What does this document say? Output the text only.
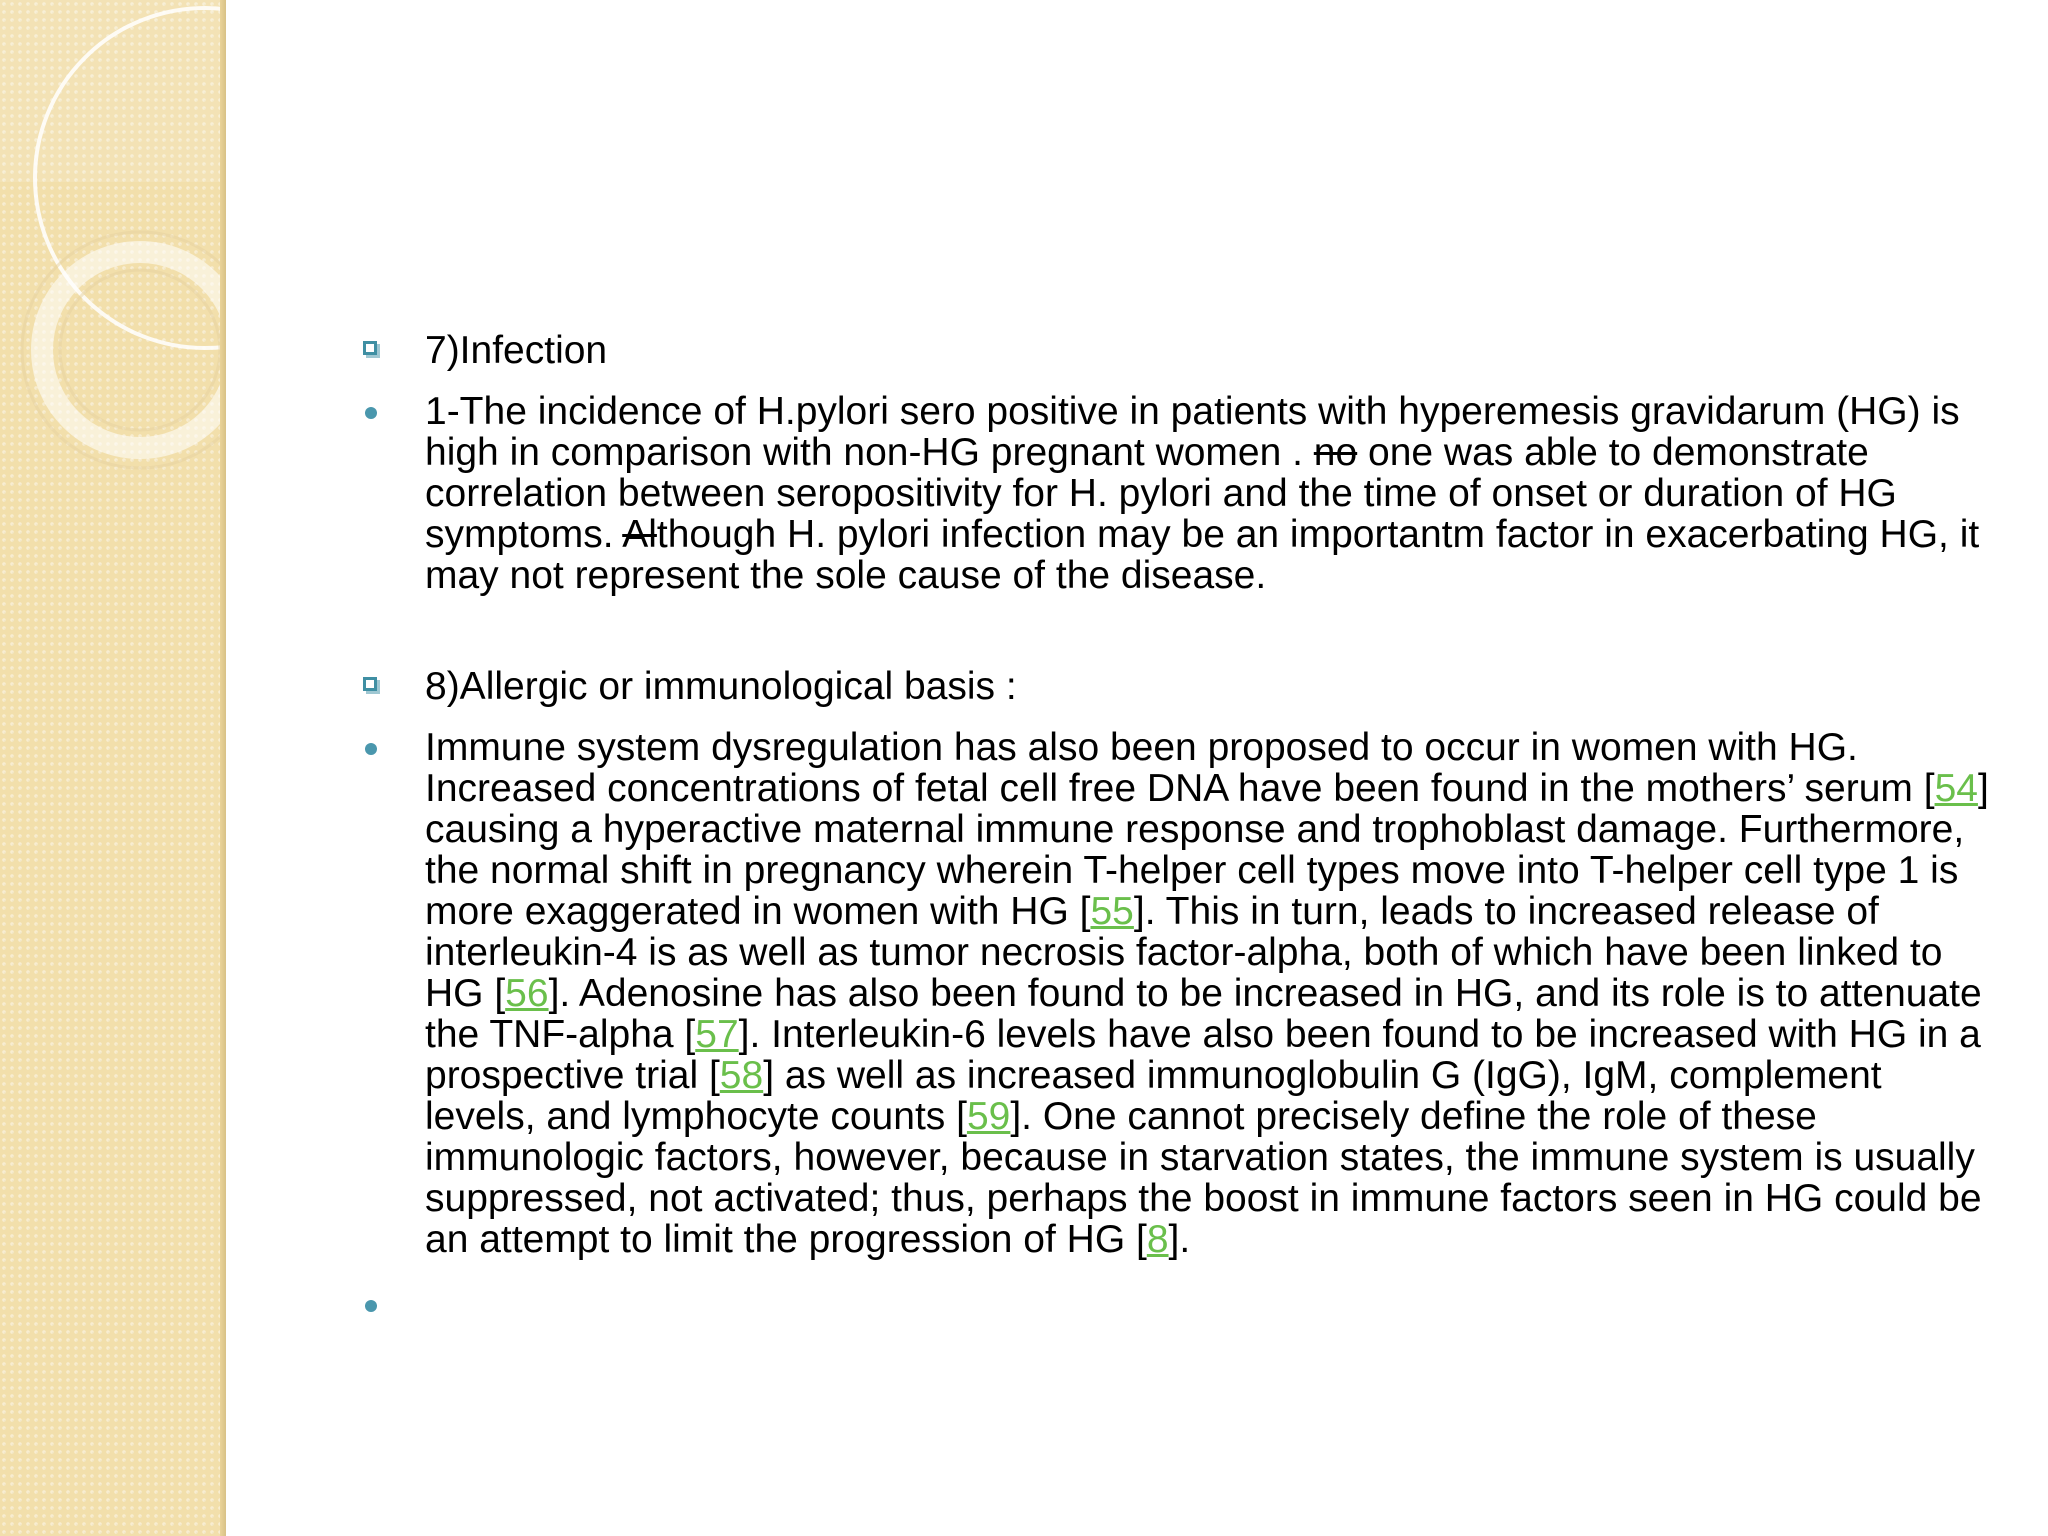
7)Infection
1-The incidence of H.pylori sero positive in patients with hyperemesis gravidarum (HG) is high in comparison with non-HG pregnant women . no one was able to demonstrate correlation between seropositivity for H. pylori and the time of onset or duration of HG symptoms. Although H. pylori infection may be an importantm factor in exacerbating HG, it may not represent the sole cause of the disease.
8)Allergic or immunological basis :
Immune system dysregulation has also been proposed to occur in women with HG. Increased concentrations of fetal cell free DNA have been found in the mothers’ serum [54] causing a hyperactive maternal immune response and trophoblast damage. Furthermore, the normal shift in pregnancy wherein T-helper cell types move into T-helper cell type 1 is more exaggerated in women with HG [55]. This in turn, leads to increased release of interleukin-4 is as well as tumor necrosis factor-alpha, both of which have been linked to HG [56]. Adenosine has also been found to be increased in HG, and its role is to attenuate the TNF-alpha [57]. Interleukin-6 levels have also been found to be increased with HG in a prospective trial [58] as well as increased immunoglobulin G (IgG), IgM, complement levels, and lymphocyte counts [59]. One cannot precisely define the role of these immunologic factors, however, because in starvation states, the immune system is usually suppressed, not activated; thus, perhaps the boost in immune factors seen in HG could be an attempt to limit the progression of HG [8].
